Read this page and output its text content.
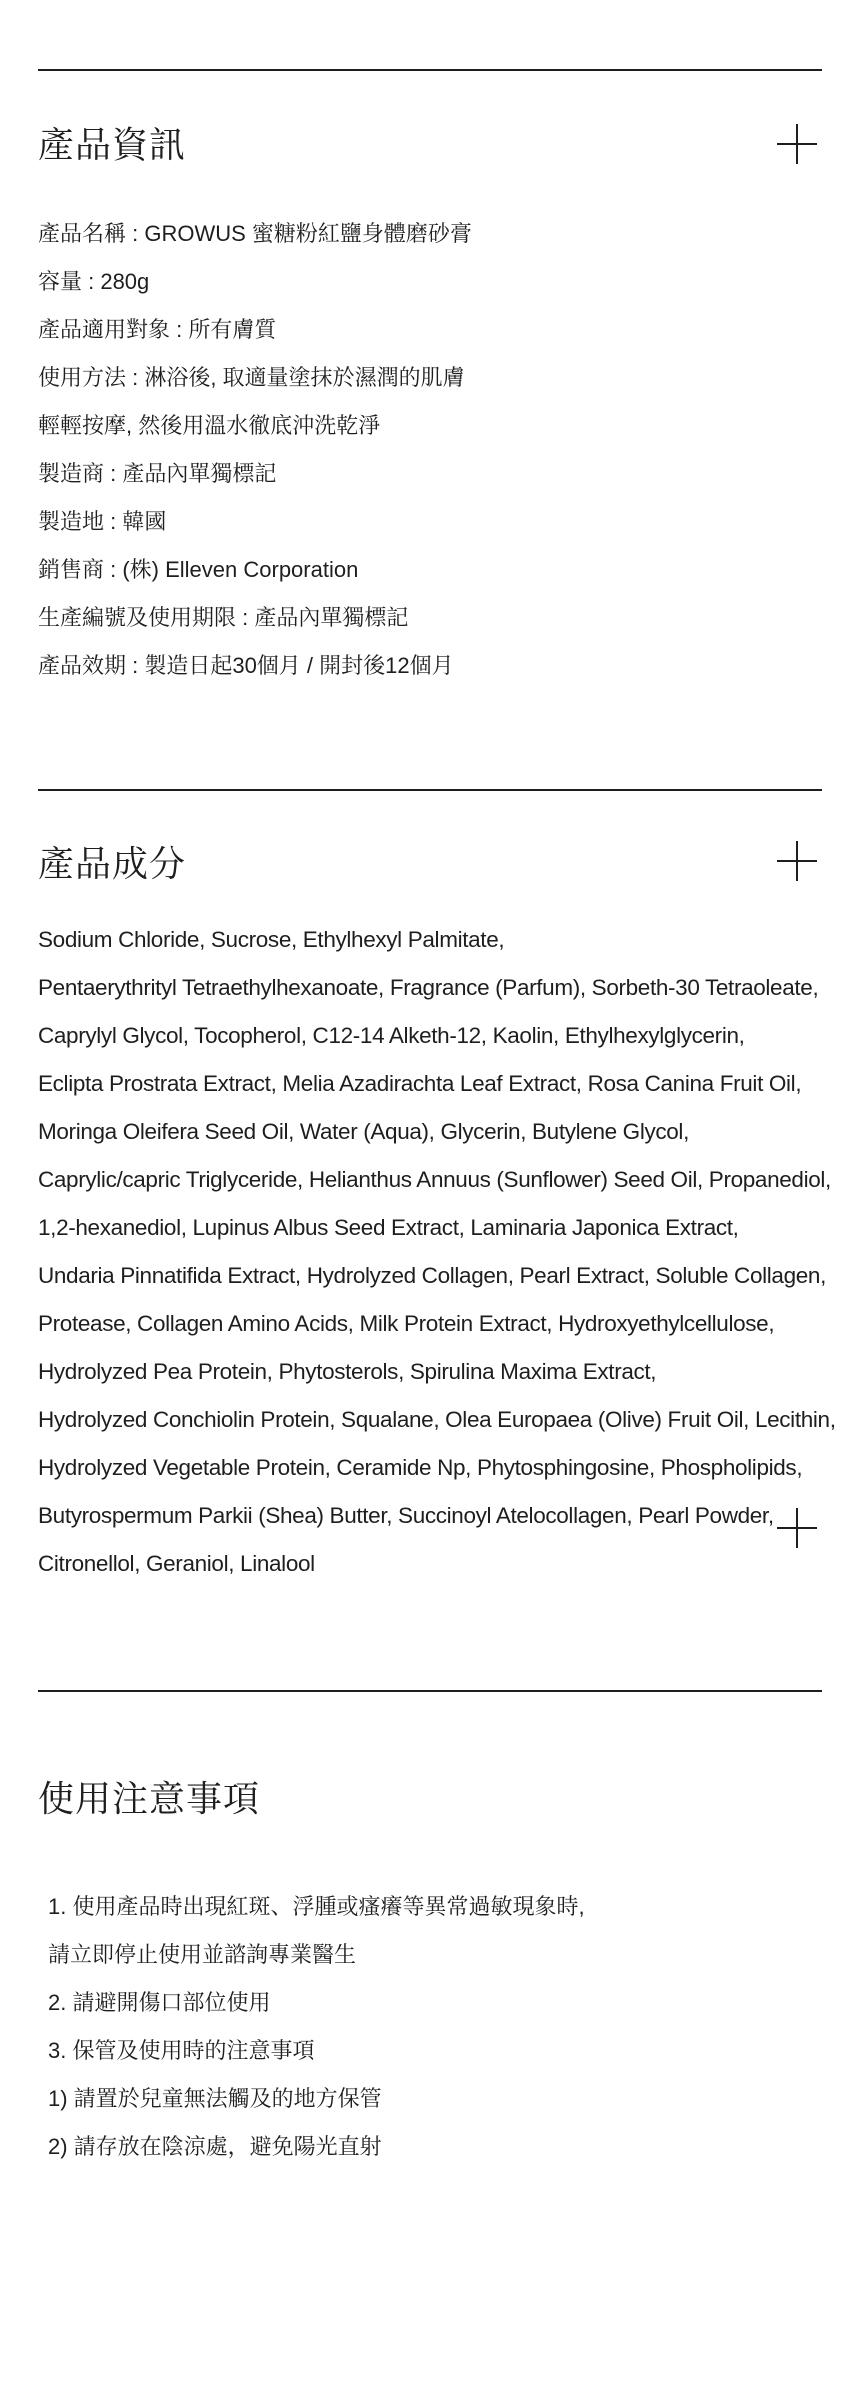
產品資訊
產品名稱 : GROWUS 蜜糖粉紅鹽身體磨砂膏
容量 : 280g
產品適用對象 : 所有膚質
使用方法 : 淋浴後, 取適量塗抹於濕潤的肌膚
輕輕按摩, 然後用溫水徹底沖洗乾淨
製造商 : 產品內單獨標記
製造地 : 韓國
銷售商 : (株) Elleven Corporation
生產編號及使用期限 : 產品內單獨標記
產品效期 : 製造日起30個月 / 開封後12個月
產品成分
Sodium Chloride, Sucrose, Ethylhexyl Palmitate,
Pentaerythrityl Tetraethylhexanoate, Fragrance (Parfum), Sorbeth-30 Tetraoleate,
Caprylyl Glycol, Tocopherol, C12-14 Alketh-12, Kaolin, Ethylhexylglycerin,
Eclipta Prostrata Extract, Melia Azadirachta Leaf Extract, Rosa Canina Fruit Oil,
Moringa Oleifera Seed Oil, Water (Aqua), Glycerin, Butylene Glycol,
Caprylic/capric Triglyceride, Helianthus Annuus (Sunflower) Seed Oil, Propanediol,
1,2-hexanediol, Lupinus Albus Seed Extract, Laminaria Japonica Extract,
Undaria Pinnatifida Extract, Hydrolyzed Collagen, Pearl Extract, Soluble Collagen,
Protease, Collagen Amino Acids, Milk Protein Extract, Hydroxyethylcellulose,
Hydrolyzed Pea Protein, Phytosterols, Spirulina Maxima Extract,
Hydrolyzed Conchiolin Protein, Squalane, Olea Europaea (Olive) Fruit Oil, Lecithin,
Hydrolyzed Vegetable Protein, Ceramide Np, Phytosphingosine, Phospholipids,
Butyrospermum Parkii (Shea) Butter, Succinoyl Atelocollagen, Pearl Powder,
Citronellol, Geraniol, Linalool
使用注意事項
1. 使用產品時出現紅斑、浮腫或瘙癢等異常過敏現象時,
請立即停止使用並諮詢專業醫生
2. 請避開傷口部位使用
3. 保管及使用時的注意事項
1) 請置於兒童無法觸及的地方保管
2) 請存放在陰涼處，避免陽光直射
